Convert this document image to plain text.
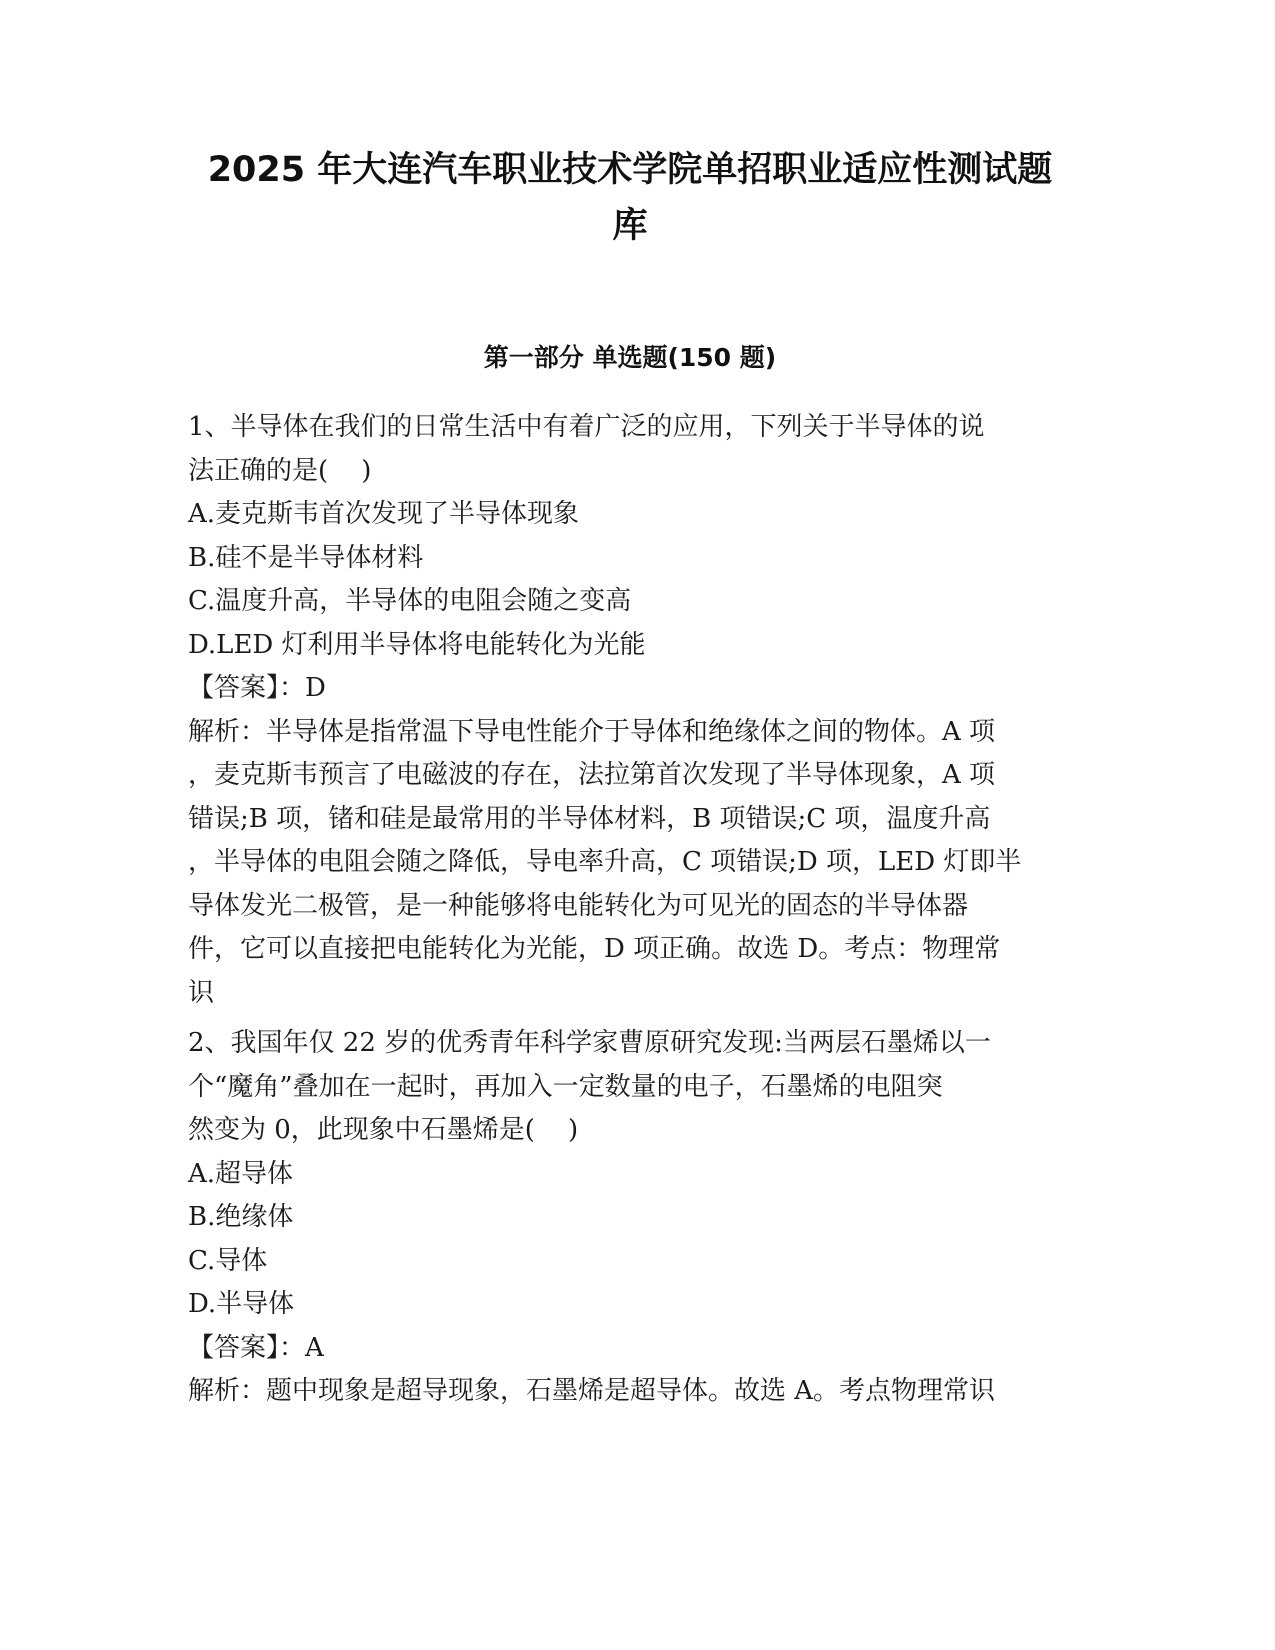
2025 年大连汽车职业技术学院单招职业适应性测试题
库
第一部分 单选题(150 题)
1、半导体在我们的日常生活中有着广泛的应用，下列关于半导体的说
法正确的是(    )
A.麦克斯韦首次发现了半导体现象
B.硅不是半导体材料
C.温度升高，半导体的电阻会随之变高
D.LED 灯利用半导体将电能转化为光能
【答案】：D
解析：半导体是指常温下导电性能介于导体和绝缘体之间的物体。A 项
，麦克斯韦预言了电磁波的存在，法拉第首次发现了半导体现象，A 项
错误;B 项，锗和硅是最常用的半导体材料，B 项错误;C 项，温度升高
，半导体的电阻会随之降低，导电率升高，C 项错误;D 项，LED 灯即半
导体发光二极管，是一种能够将电能转化为可见光的固态的半导体器
件，它可以直接把电能转化为光能，D 项正确。故选 D。考点：物理常
识
2、我国年仅 22 岁的优秀青年科学家曹原研究发现:当两层石墨烯以一
个“魔角”叠加在一起时，再加入一定数量的电子，石墨烯的电阻突
然变为 0，此现象中石墨烯是(    )
A.超导体
B.绝缘体
C.导体
D.半导体
【答案】：A
解析：题中现象是超导现象，石墨烯是超导体。故选 A。考点物理常识
